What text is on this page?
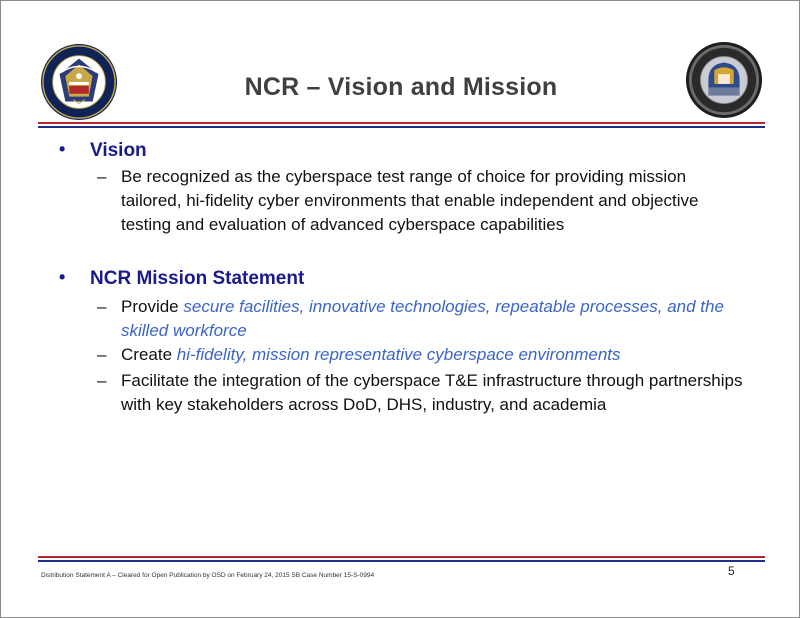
NCR – Vision and Mission
• Vision
– Be recognized as the cyberspace test range of choice for providing mission tailored, hi-fidelity cyber environments that enable independent and objective testing and evaluation of advanced cyberspace capabilities
• NCR Mission Statement
– Provide secure facilities, innovative technologies, repeatable processes, and the skilled workforce
– Create hi-fidelity, mission representative cyberspace environments
– Facilitate the integration of the cyberspace T&E infrastructure through partnerships with key stakeholders across DoD, DHS, industry, and academia
Distribution Statement A – Cleared for Open Publication by OSD on February 24, 2015 SB Case Number 15-S-0994	5
